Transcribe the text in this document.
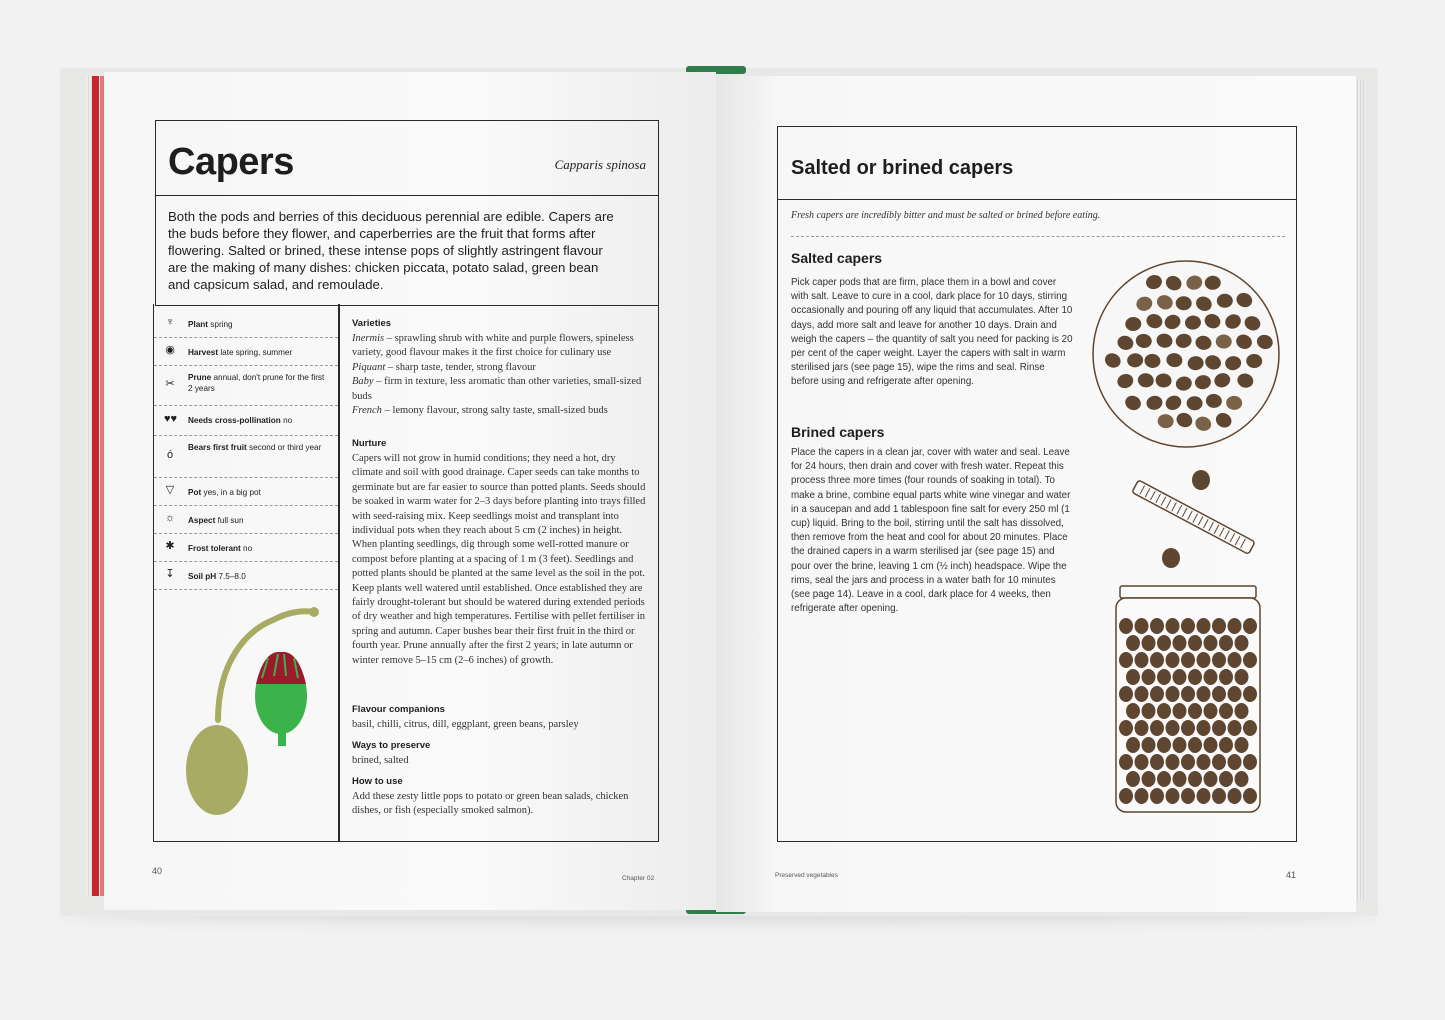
Capers	Capparis spinosa
Both the pods and berries of this deciduous perennial are edible. Capers are the buds before they flower, and caperberries are the fruit that forms after flowering. Salted or brined, these intense pops of slightly astringent flavour are the making of many dishes: chicken piccata, potato salad, green bean and capsicum salad, and remoulade.
♆ Plant spring
◉ Harvest late spring, summer
✂
Prune annual, don't prune for the first 2 years
♥♥ Needs cross-pollination no
ó
Bears first fruit second or third year
▽ Pot yes, in a big pot
☼ Aspect full sun
✱ Frost tolerant no
↧ Soil pH 7.5–8.0
Varieties
Inermis – sprawling shrub with white and purple flowers, spineless variety, good flavour makes it the first choice for culinary use
Piquant – sharp taste, tender, strong flavour
Baby – firm in texture, less aromatic than other varieties, small-sized buds
French – lemony flavour, strong salty taste, small-sized buds
Nurture
Capers will not grow in humid conditions; they need a hot, dry climate and soil with good drainage. Caper seeds can take months to germinate but are far easier to source than potted plants. Seeds should be soaked in warm water for 2–3 days before planting into trays filled with seed-raising mix. Keep seedlings moist and transplant into individual pots when they reach about 5 cm (2 inches) in height. When planting seedlings, dig through some well-rotted manure or compost before planting at a spacing of 1 m (3 feet). Seedlings and potted plants should be planted at the same level as the soil in the pot. Keep plants well watered until established. Once established they are fairly drought-tolerant but should be watered during extended periods of dry weather and high temperatures. Fertilise with pellet fertiliser in spring and autumn. Caper bushes bear their first fruit in the third or fourth year. Prune annually after the first 2 years; in late autumn or winter remove 5–15 cm (2–6 inches) of growth.
Flavour companions
basil, chilli, citrus, dill, eggplant, green beans, parsley
Ways to preserve
brined, salted
How to use
Add these zesty little pops to potato or green bean salads, chicken dishes, or fish (especially smoked salmon).
40
Chapter 02
Salted or brined capers
Fresh capers are incredibly bitter and must be salted or brined before eating.
Salted capers
Pick caper pods that are firm, place them in a bowl and cover with salt. Leave to cure in a cool, dark place for 10 days, stirring occasionally and pouring off any liquid that accumulates. After 10 days, add more salt and leave for another 10 days. Drain and weigh the capers – the quantity of salt you need for packing is 20 per cent of the caper weight. Layer the capers with salt in warm sterilised jars (see page 15), wipe the rims and seal. Rinse before using and refrigerate after opening.
Brined capers
Place the capers in a clean jar, cover with water and seal. Leave for 24 hours, then drain and cover with fresh water. Repeat this process three more times (four rounds of soaking in total). To make a brine, combine equal parts white wine vinegar and water in a saucepan and add 1 tablespoon fine salt for every 250 ml (1 cup) liquid. Bring to the boil, stirring until the salt has dissolved, then remove from the heat and cool for about 20 minutes. Place the drained capers in a warm sterilised jar (see page 15) and pour over the brine, leaving 1 cm (½ inch) headspace. Wipe the rims, seal the jars and process in a water bath for 10 minutes (see page 14). Leave in a cool, dark place for 4 weeks, then refrigerate after opening.
Preserved vegetables	41
